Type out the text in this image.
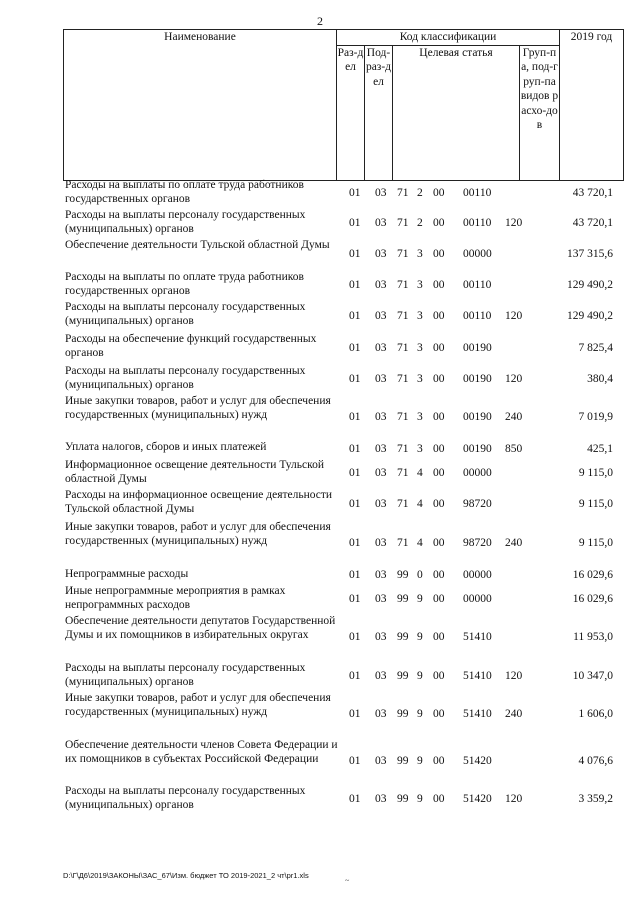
2
Наименование	Код классификации				2019 год
	Раз-дел	Под-раз-дел	Целевая статья	Груп-па, под-груп-па видов расхо-дов	
Расходы на выплаты по оплате труда работников государственных органов
01 03 71 2 00 00110	43 720,1
Расходы на выплаты персоналу государственных (муниципальных) органов
01 03 71 2 00 00110 120	43 720,1
Обеспечение деятельности Тульской областной Думы
01 03 71 3 00 00000	137 315,6
Расходы на выплаты по оплате труда работников государственных органов
01 03 71 3 00 00110	129 490,2
Расходы на выплаты персоналу государственных (муниципальных) органов	01 03 71 3 00 00110 120	129 490,2
Расходы на обеспечение функций государственных органов	01 03 71 3 00 00190	7 825,4
Расходы на выплаты персоналу государственных (муниципальных) органов
01 03 71 3 00 00190 120	380,4
Иные закупки товаров, работ и услуг для обеспечения государственных (муниципальных) нужд	01 03 71 3 00 00190 240	7 019,9
Уплата налогов, сборов и иных платежей	01 03 71 3 00 00190 850	425,1
Информационное освещение деятельности Тульской областной Думы
01 03 71 4 00 00000	9 115,0
Расходы на информационное освещение деятельности Тульской областной Думы	01 03 71 4 00 98720	9 115,0
Иные закупки товаров, работ и услуг для обеспечения государственных (муниципальных) нужд	01 03 71 4 00 98720 240	9 115,0
Непрограммные расходы	01 03 99 0 00 00000	16 029,6
Иные непрограммные мероприятия в рамках непрограммных расходов
01 03 99 9 00 00000	16 029,6
Обеспечение деятельности депутатов Государственной Думы и их помощников в избирательных округах	01 03 99 9 00 51410	11 953,0
Расходы на выплаты персоналу государственных (муниципальных) органов
01 03 99 9 00 51410 120	10 347,0
Иные закупки товаров, работ и услуг для обеспечения государственных (муниципальных) нужд	01 03 99 9 00 51410 240	1 606,0
Обеспечение деятельности членов Совета Федерации и их помощников в субъектах Российской Федерации	01 03 99 9 00 51420	4 076,6
Расходы на выплаты персоналу государственных (муниципальных) органов
01 03 99 9 00 51420 120	3 359,2
D:\Г\Д6\2019\ЗАКОНЫ\ЗАС_67\Изм. бюджет ТО 2019-2021_2 чт\pr1.xls
~
